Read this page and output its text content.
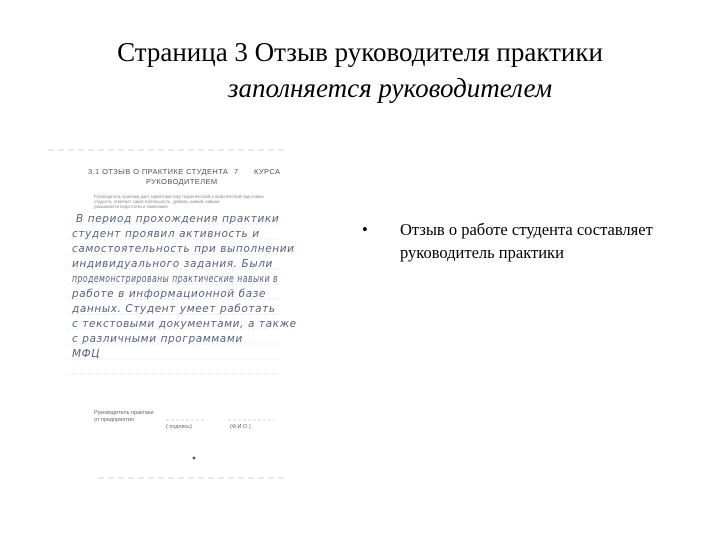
Страница 3 Отзыв руководителя практики
заполняется руководителем
3.1 ОТЗЫВ О ПРАКТИКЕ СТУДЕНТА 7 КУРСА
РУКОВОДИТЕЛЕМ
Руководитель практики дает характеристику теоретической и практической подготовки
студента, отмечает самостоятельность, уровень знаний, навыки
указываются недостатки и пожелания
В период прохождения практики
студент проявил активность и
самостоятельность при выполнении
индивидуального задания. Были
продемонстрированы практические навыки в
работе в информационной базе
данных. Студент умеет работать
с текстовыми документами, а также
с различными программами
МФЦ
Руководитель практики
от предприятия
( подпись)	(Ф.И.О.)
•	Отзыв о работе студента составляет руководитель практики
